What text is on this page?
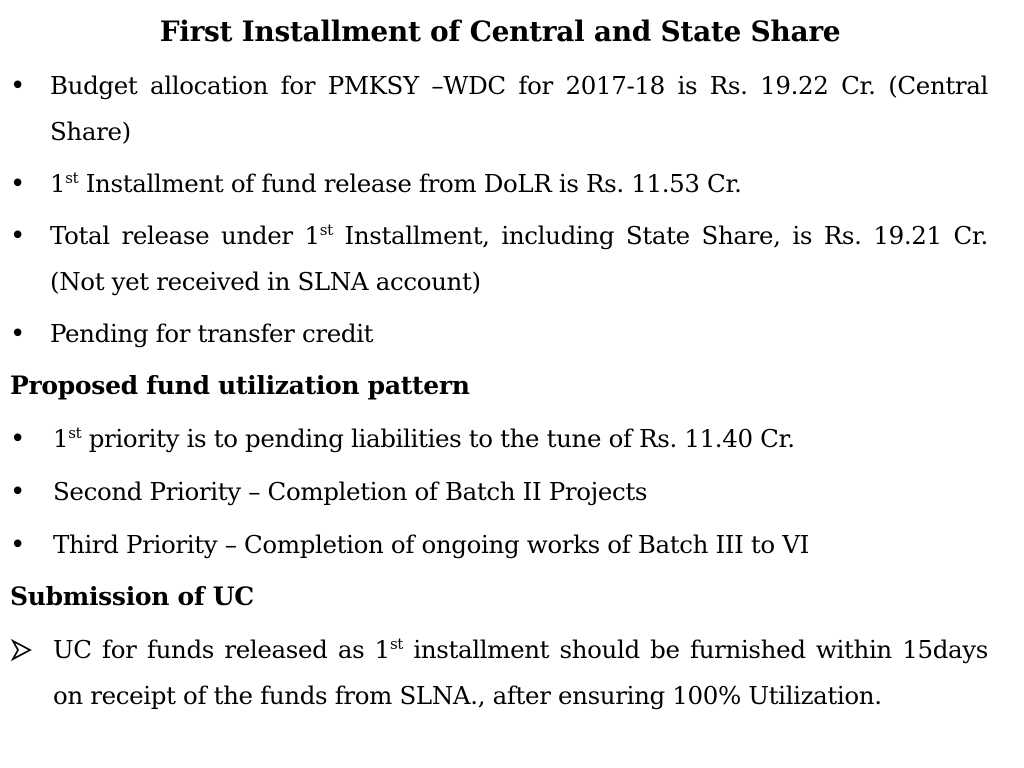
First Installment of Central and State Share
• Budget allocation for PMKSY –WDC for 2017-18 is Rs. 19.22 Cr. (Central Share)
• 1st Installment of fund release from DoLR is Rs. 11.53 Cr.
• Total release under 1st Installment, including State Share, is Rs. 19.21 Cr. (Not yet received in SLNA account)
• Pending for transfer credit
Proposed fund utilization pattern
• 1st priority is to pending liabilities to the tune of Rs. 11.40 Cr.
• Second Priority – Completion of Batch II Projects
• Third Priority – Completion of ongoing works of Batch III to VI
Submission of UC
UC for funds released as 1st installment should be furnished within 15days on receipt of the funds from SLNA., after ensuring 100% Utilization.
